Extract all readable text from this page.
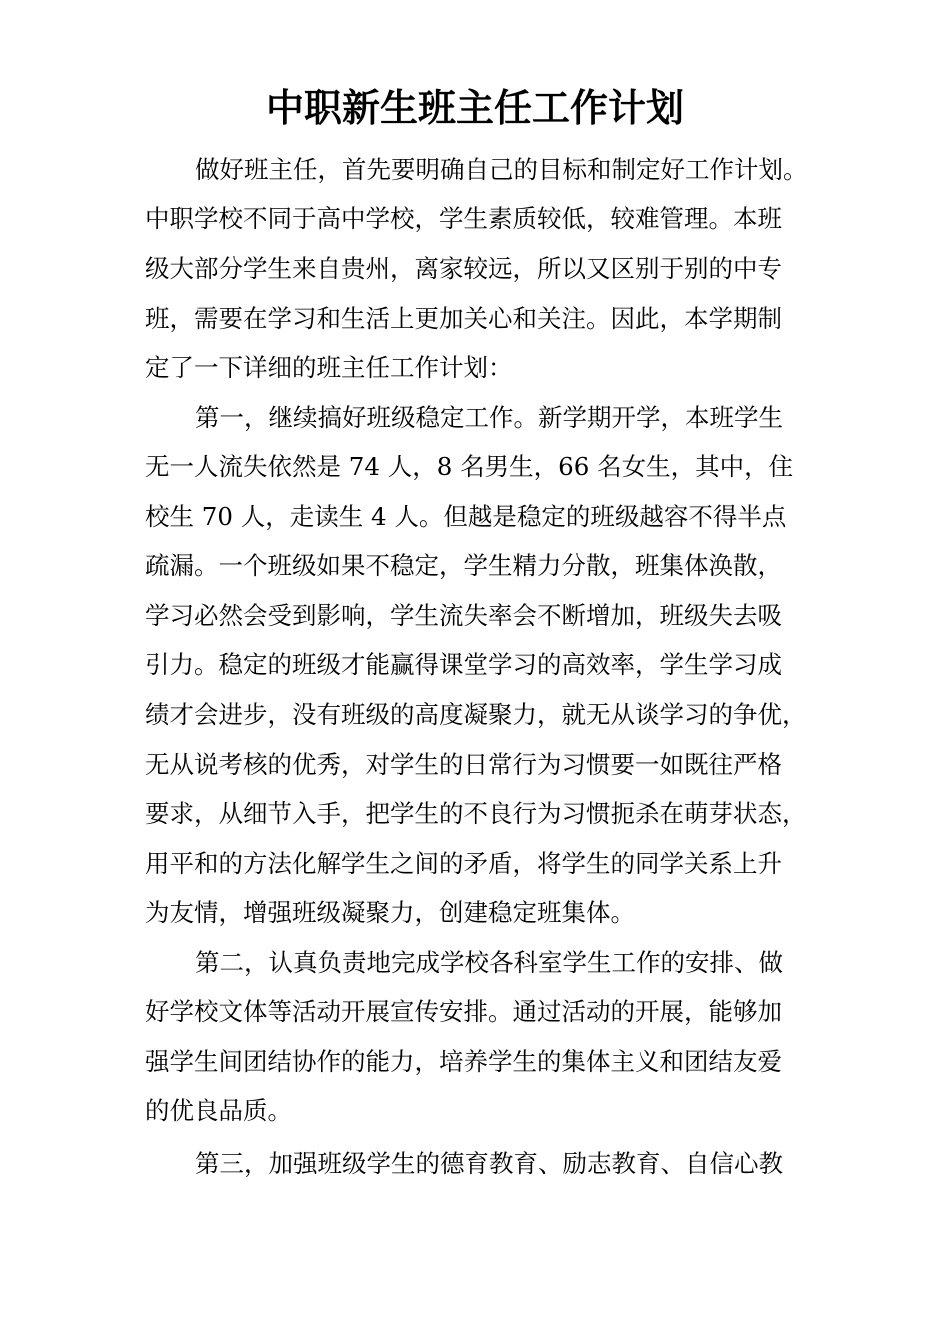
中职新生班主任工作计划

做好班主任，首先要明确自己的目标和制定好工作计划。

中职学校不同于高中学校，学生素质较低，较难管理。本班

级大部分学生来自贵州，离家较远，所以又区别于别的中专

班，需要在学习和生活上更加关心和关注。因此，本学期制

定了一下详细的班主任工作计划：

第一，继续搞好班级稳定工作。新学期开学，本班学生

无一人流失依然是 74 人，8 名男生，66 名女生，其中，住

校生 70 人，走读生 4 人。但越是稳定的班级越容不得半点

疏漏。一个班级如果不稳定，学生精力分散，班集体涣散，

学习必然会受到影响，学生流失率会不断增加，班级失去吸

引力。稳定的班级才能赢得课堂学习的高效率，学生学习成

绩才会进步，没有班级的高度凝聚力，就无从谈学习的争优，

无从说考核的优秀，对学生的日常行为习惯要一如既往严格

要求，从细节入手，把学生的不良行为习惯扼杀在萌芽状态，

用平和的方法化解学生之间的矛盾，将学生的同学关系上升

为友情，增强班级凝聚力，创建稳定班集体。

第二，认真负责地完成学校各科室学生工作的安排、做

好学校文体等活动开展宣传安排。通过活动的开展，能够加

强学生间团结协作的能力，培养学生的集体主义和团结友爱

的优良品质。

第三，加强班级学生的德育教育、励志教育、自信心教
